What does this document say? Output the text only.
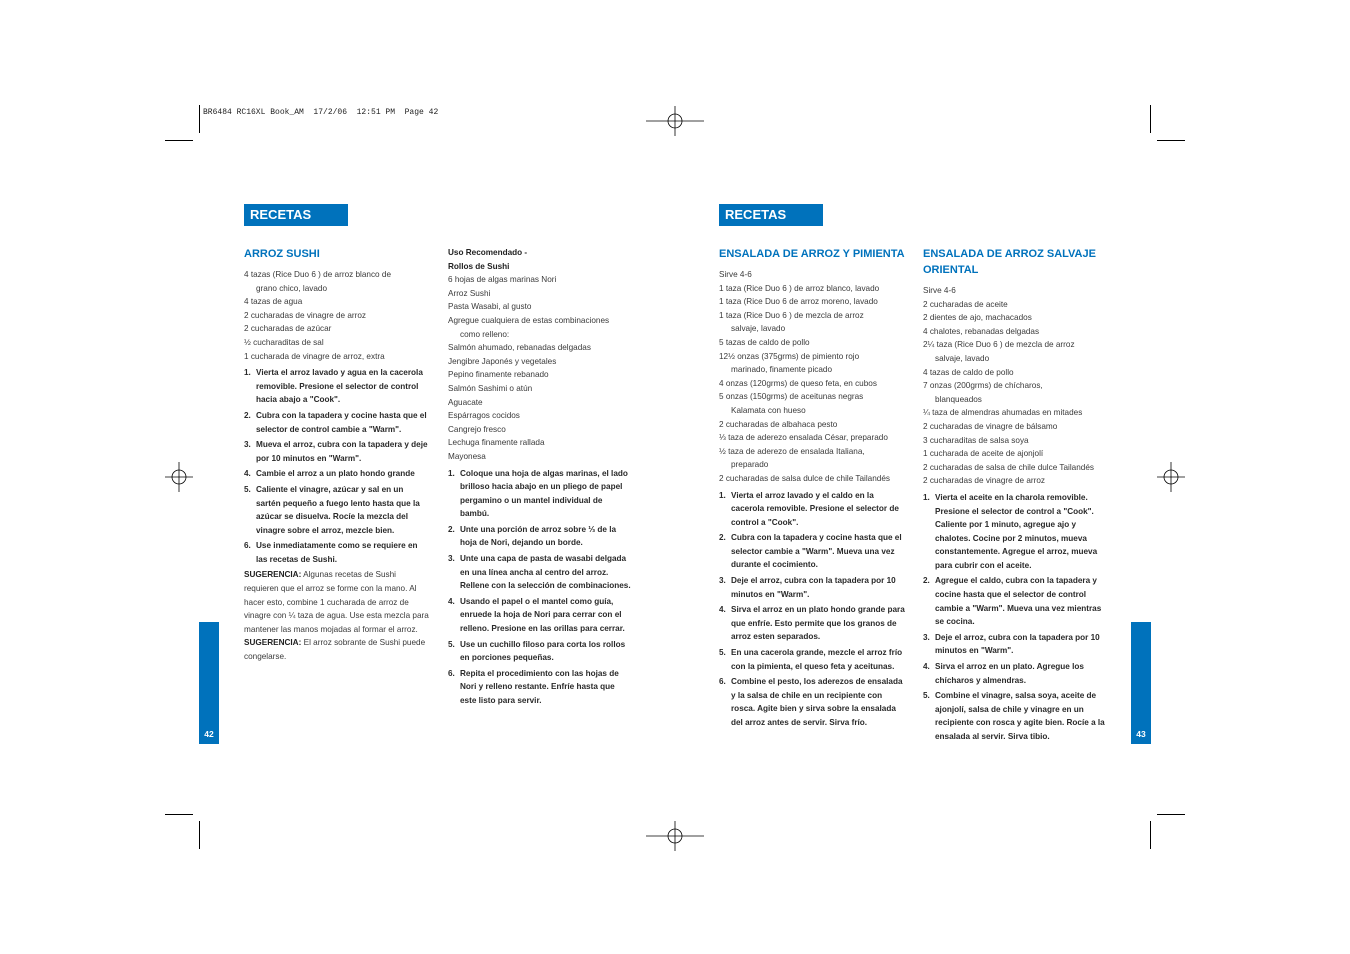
BR6484 RC16XL Book_AM  17/2/06  12:51 PM  Page 42
42	43
RECETAS cont
RECETAS cont
ARROZ SUSHI

4 tazas (Rice Duo 6 ) de arroz blanco de

grano chico, lavado

4 tazas de agua

2 cucharadas de vinagre de arroz

2 cucharadas de azúcar

½ cucharaditas de sal

1 cucharada de vinagre de arroz, extra

1. Vierta el arroz lavado y agua en la cacerola removible. Presione el selector de control hacia abajo a "Cook".
2. Cubra con la tapadera y cocine hasta que el selector de control cambie a "Warm".
3. Mueva el arroz, cubra con la tapadera y deje por 10 minutos en "Warm".
4. Cambie el arroz a un plato hondo grande
5. Caliente el vinagre, azúcar y sal en un sartén pequeño a fuego lento hasta que la azúcar se disuelva. Rocíe la mezcla del vinagre sobre el arroz, mezcle bien.
6. Use inmediatamente como se requiere en las recetas de Sushi.

SUGERENCIA: Algunas recetas de Sushi requieren que el arroz se forme con la mano. Al hacer esto, combine 1 cucharada de arroz de vinagre con ¼ taza de agua. Use esta mezcla para mantener las manos mojadas al formar el arroz.

SUGERENCIA: El arroz sobrante de Sushi puede congelarse.

Uso Recomendado -

Rollos de Sushi

6 hojas de algas marinas Nori

Arroz Sushi

Pasta Wasabi, al gusto

Agregue cualquiera de estas combinaciones

como relleno:

Salmón ahumado, rebanadas delgadas

Jengibre Japonés y vegetales

Pepino finamente rebanado

Salmón Sashimi o atún

Aguacate

Espárragos cocidos

Cangrejo fresco

Lechuga finamente rallada

Mayonesa

1. Coloque una hoja de algas marinas, el lado brilloso hacia abajo en un pliego de papel pergamino o un mantel individual de bambú.
2. Unte una porción de arroz sobre ⅓ de la hoja de Nori, dejando un borde.
3. Unte una capa de pasta de wasabi delgada en una línea ancha al centro del arroz. Rellene con la selección de combinaciones.
4. Usando el papel o el mantel como guía, enruede la hoja de Nori para cerrar con el relleno. Presione en las orillas para cerrar.
5. Use un cuchillo filoso para corta los rollos en porciones pequeñas.
6. Repita el procedimiento con las hojas de Nori y relleno restante. Enfríe hasta que este listo para servir.
ENSALADA DE ARROZ Y PIMIENTA

Sirve 4-6

1 taza (Rice Duo 6 ) de arroz blanco, lavado

1 taza (Rice Duo 6 de arroz moreno, lavado

1 taza (Rice Duo 6 ) de mezcla de arroz

salvaje, lavado

5 tazas de caldo de pollo

12½ onzas (375grms) de pimiento rojo

marinado, finamente picado

4 onzas (120grms) de queso feta, en cubos

5 onzas (150grms) de aceitunas negras

Kalamata con hueso

2 cucharadas de albahaca pesto

⅓ taza de aderezo ensalada César, preparado

½ taza de aderezo de ensalada Italiana,

preparado

2 cucharadas de salsa dulce de chile Tailandés

1. Vierta el arroz lavado y el caldo en la cacerola removible. Presione el selector de control a "Cook".
2. Cubra con la tapadera y cocine hasta que el selector cambie a "Warm". Mueva una vez durante el cocimiento.
3. Deje el arroz, cubra con la tapadera por 10 minutos en "Warm".
4. Sirva el arroz en un plato hondo grande para que enfríe. Esto permite que los granos de arroz esten separados.
5. En una cacerola grande, mezcle el arroz frío con la pimienta, el queso feta y aceitunas.
6. Combine el pesto, los aderezos de ensalada y la salsa de chile en un recipiente con rosca. Agite bien y sirva sobre la ensalada del arroz antes de servir. Sirva frío.
ENSALADA DE ARROZ SALVAJE
ORIENTAL

Sirve 4-6

2 cucharadas de aceite

2 dientes de ajo, machacados

4 chalotes, rebanadas delgadas

2¼ taza (Rice Duo 6 ) de mezcla de arroz

salvaje, lavado

4 tazas de caldo de pollo

7 onzas (200grms) de chícharos,

blanqueados

¼ taza de almendras ahumadas en mitades

2 cucharadas de vinagre de bálsamo

3 cucharaditas de salsa soya

1 cucharada de aceite de ajonjolí

2 cucharadas de salsa de chile dulce Tailandés

2 cucharadas de vinagre de arroz

1. Vierta el aceite en la charola removible. Presione el selector de control a "Cook". Caliente por 1 minuto, agregue ajo y chalotes. Cocine por 2 minutos, mueva constantemente. Agregue el arroz, mueva para cubrir con el aceite.
2. Agregue el caldo, cubra con la tapadera y cocine hasta que el selector de control cambie a "Warm". Mueva una vez mientras se cocina.
3. Deje el arroz, cubra con la tapadera por 10 minutos en "Warm".
4. Sirva el arroz en un plato. Agregue los chícharos y almendras.
5. Combine el vinagre, salsa soya, aceite de ajonjolí, salsa de chile y vinagre en un recipiente con rosca y agite bien. Rocíe a la ensalada al servir. Sirva tibio.
